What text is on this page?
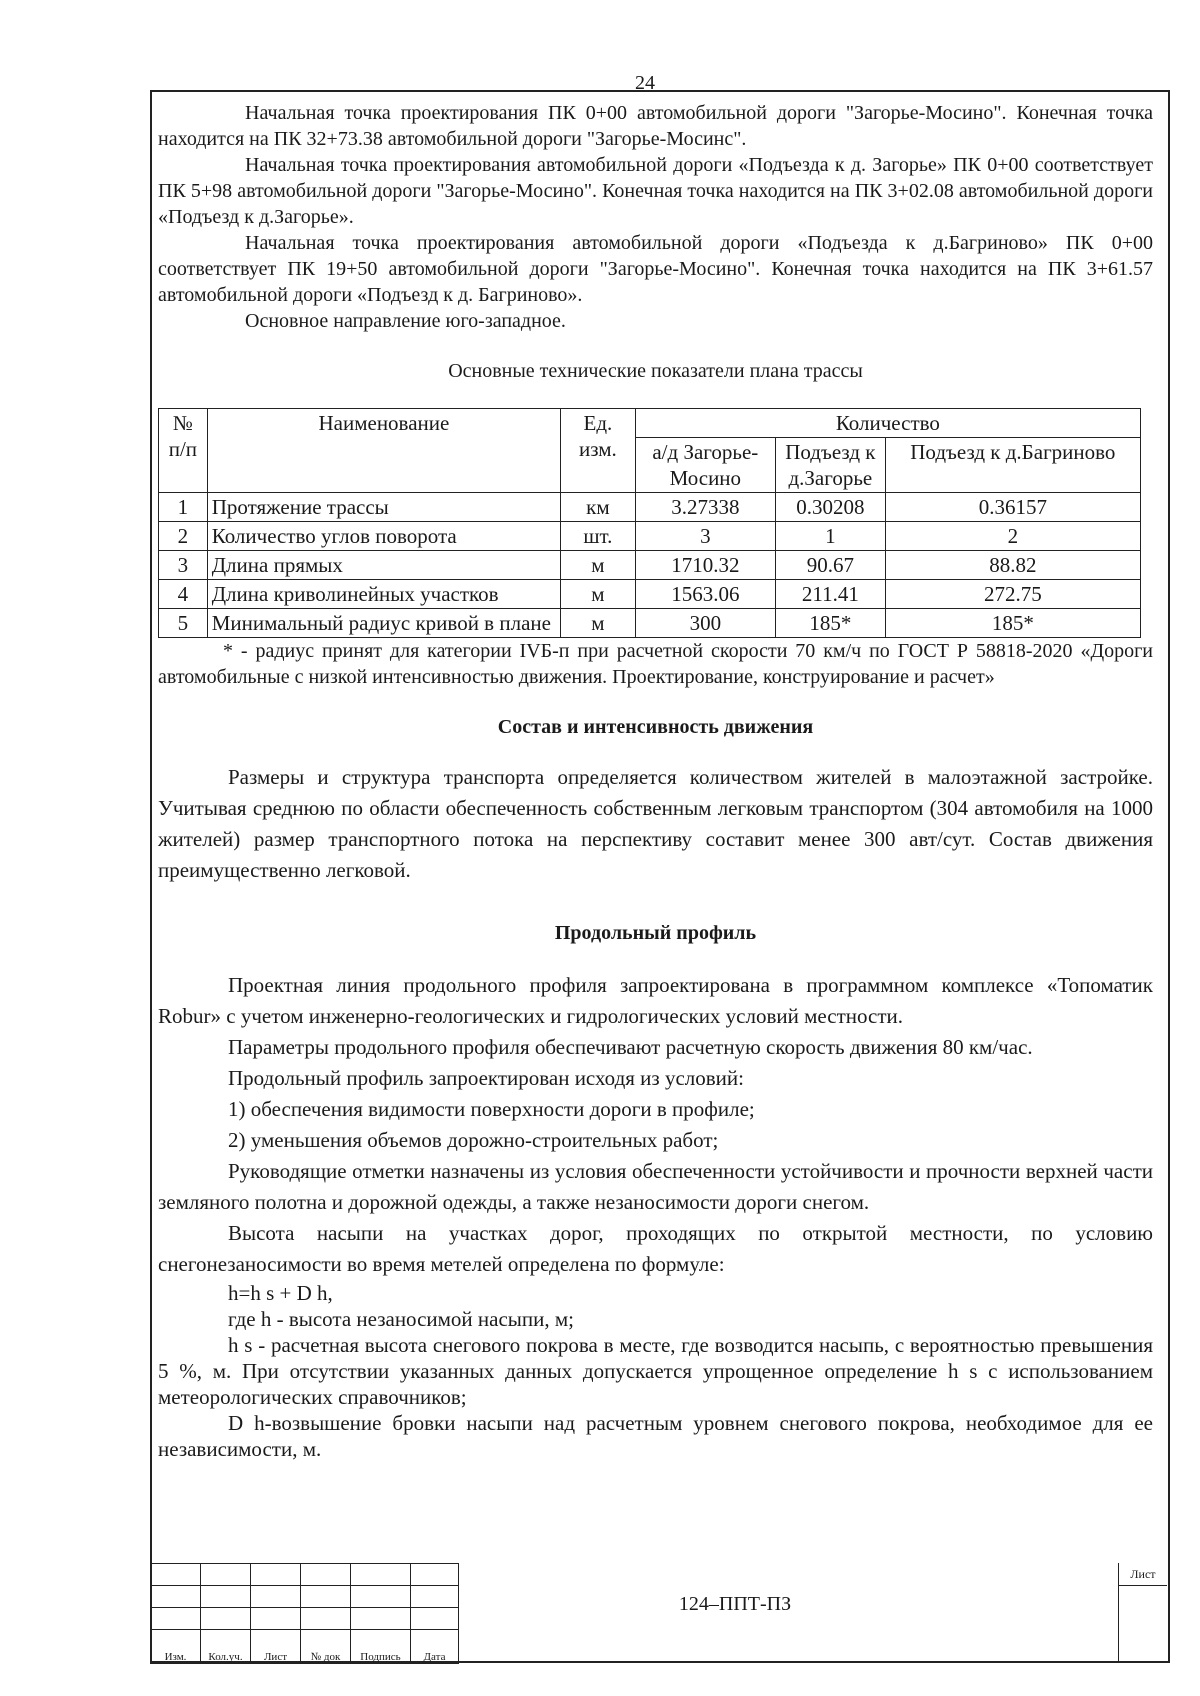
24

Начальная точка проектирования ПК 0+00 автомобильной дороги "Загорье-Мосино". Конечная точка находится на ПК 32+73.38 автомобильной дороги "Загорье-Мосинс".

Начальная точка проектирования автомобильной дороги «Подъезда к д. Загорье» ПК 0+00 соответствует ПК 5+98 автомобильной дороги "Загорье-Мосино". Конечная точка находится на ПК 3+02.08 автомобильной дороги «Подъезд к д.Загорье».

Начальная точка проектирования автомобильной дороги «Подъезда к д.Багриново» ПК 0+00 соответствует ПК 19+50 автомобильной дороги "Загорье-Мосино". Конечная точка находится на ПК 3+61.57 автомобильной дороги «Подъезд к д. Багриново».

Основное направление юго-западное.

Основные технические показатели плана трассы

№ п/п	Наименование	Ед. изм.	Количество		
			а/д Загорье-Мосино	Подъезд к д.Загорье	Подъезд к д.Багриново
1	Протяжение трассы	км	3.27338	0.30208	0.36157
2	Количество углов поворота	шт.	3	1	2
3	Длина прямых	м	1710.32	90.67	88.82
4	Длина криволинейных участков	м	1563.06	211.41	272.75
5	Минимальный радиус кривой в плане	м	300	185*	185*

* - радиус принят для категории IVБ-п при расчетной скорости 70 км/ч по ГОСТ Р 58818-2020 «Дороги автомобильные с низкой интенсивностью движения. Проектирование, конструирование и расчет»

Состав и интенсивность движения

Размеры и структура транспорта определяется количеством жителей в малоэтажной застройке. Учитывая среднюю по области обеспеченность собственным легковым транспортом (304 автомобиля на 1000 жителей) размер транспортного потока на перспективу составит менее 300 авт/сут. Состав движения преимущественно легковой.

Продольный профиль

Проектная линия продольного профиля запроектирована в программном комплексе «Топоматик Robur» с учетом инженерно-геологических и гидрологических условий местности.

Параметры продольного профиля обеспечивают расчетную скорость движения 80 км/час.

Продольный профиль запроектирован исходя из условий:

1) обеспечения видимости поверхности дороги в профиле;

2) уменьшения объемов дорожно-строительных работ;

Руководящие отметки назначены из условия обеспеченности устойчивости и прочности верхней части земляного полотна и дорожной одежды, а также незаносимости дороги снегом.

Высота насыпи на участках дорог, проходящих по открытой местности, по условию снегонезаносимости во время метелей определена по формуле:

h=h s + D h,

где h - высота незаносимой насыпи, м;

h s - расчетная высота снегового покрова в месте, где возводится насыпь, с вероятностью превышения 5 %, м. При отсутствии указанных данных допускается упрощенное определение h s с использованием метеорологических справочников;

D h-возвышение бровки насыпи над расчетным уровнем снегового покрова, необходимое для ее независимости, м.

Изм.	Кол.уч.	Лист	№ док	Подпись	Дата
124–ППТ-ПЗ
Лист
